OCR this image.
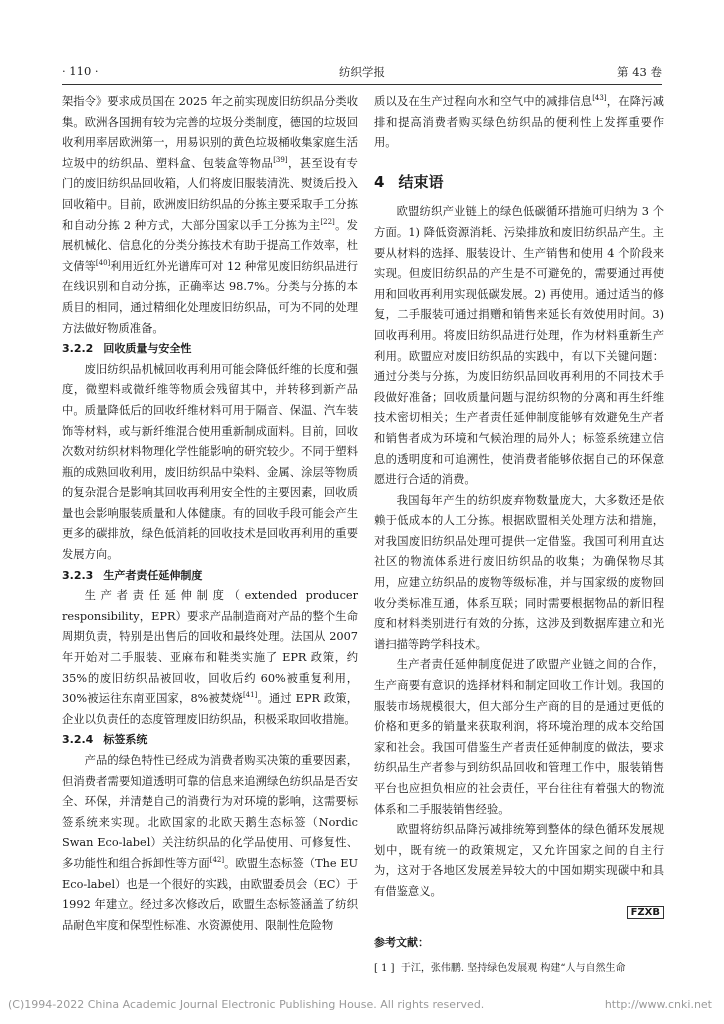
· 110 ·	纺织学报	第 43 卷

架指令》要求成员国在 2025 年之前实现废旧纺织品分类收集。欧洲各国拥有较为完善的垃圾分类制度，德国的垃圾回收利用率居欧洲第一，用易识别的黄色垃圾桶收集家庭生活垃圾中的纺织品、塑料盒、包装盒等物品[39]，甚至设有专门的废旧纺织品回收箱，人们将废旧服装清洗、熨烫后投入回收箱中。目前，欧洲废旧纺织品的分拣主要采取手工分拣和自动分拣 2 种方式，大部分国家以手工分拣为主[22]。发展机械化、信息化的分类分拣技术有助于提高工作效率，杜文倩等[40]利用近红外光谱库可对 12 种常见废旧纺织品进行在线识别和自动分拣，正确率达 98.7%。分类与分拣的本质目的相同，通过精细化处理废旧纺织品，可为不同的处理方法做好物质准备。

3.2.2 回收质量与安全性

废旧纺织品机械回收再利用可能会降低纤维的长度和强度，微塑料或微纤维等物质会残留其中，并转移到新产品中。质量降低后的回收纤维材料可用于隔音、保温、汽车装饰等材料，或与新纤维混合使用重新制成面料。目前，回收次数对纺织材料物理化学性能影响的研究较少。不同于塑料瓶的成熟回收利用，废旧纺织品中染料、金属、涂层等物质的复杂混合是影响其回收再利用安全性的主要因素，回收质量也会影响服装质量和人体健康。有的回收手段可能会产生更多的碳排放，绿色低消耗的回收技术是回收再利用的重要发展方向。

3.2.3 生产者责任延伸制度

生产者责任延伸制度（extended producer responsibility，EPR）要求产品制造商对产品的整个生命周期负责，特别是出售后的回收和最终处理。法国从 2007 年开始对二手服装、亚麻布和鞋类实施了 EPR 政策，约 35%的废旧纺织品被回收，回收后约 60%被重复利用，30%被运往东南亚国家，8%被焚烧[41]。通过 EPR 政策，企业以负责任的态度管理废旧纺织品，积极采取回收措施。

3.2.4 标签系统

产品的绿色特性已经成为消费者购买决策的重要因素，但消费者需要知道透明可靠的信息来追溯绿色纺织品是否安全、环保，并清楚自己的消费行为对环境的影响，这需要标签系统来实现。北欧国家的北欧天鹅生态标签（Nordic Swan Eco-label）关注纺织品的化学品使用、可修复性、多功能性和组合拆卸性等方面[42]。欧盟生态标签（The EU Eco-label）也是一个很好的实践，由欧盟委员会（EC）于 1992 年建立。经过多次修改后，欧盟生态标签涵盖了纺织品耐色牢度和保型性标准、水资源使用、限制性危险物

质以及在生产过程向水和空气中的减排信息[43]，在降污减排和提高消费者购买绿色纺织品的便利性上发挥重要作用。

4 结束语

欧盟纺织产业链上的绿色低碳循环措施可归纳为 3 个方面。1) 降低资源消耗、污染排放和废旧纺织品产生。主要从材料的选择、服装设计、生产销售和使用 4 个阶段来实现。但废旧纺织品的产生是不可避免的，需要通过再使用和回收再利用实现低碳发展。2) 再使用。通过适当的修复，二手服装可通过捐赠和销售来延长有效使用时间。3) 回收再利用。将废旧纺织品进行处理，作为材料重新生产利用。欧盟应对废旧纺织品的实践中，有以下关键问题：通过分类与分拣，为废旧纺织品回收再利用的不同技术手段做好准备；回收质量问题与混纺织物的分离和再生纤维技术密切相关；生产者责任延伸制度能够有效避免生产者和销售者成为环境和气候治理的局外人；标签系统建立信息的透明度和可追溯性，使消费者能够依据自己的环保意愿进行合适的消费。

我国每年产生的纺织废弃物数量庞大，大多数还是依赖于低成本的人工分拣。根据欧盟相关处理方法和措施，对我国废旧纺织品处理可提供一定借鉴。我国可利用直达社区的物流体系进行废旧纺织品的收集；为确保物尽其用，应建立纺织品的废物等级标准，并与国家级的废物回收分类标准互通，体系互联；同时需要根据物品的新旧程度和材料类别进行有效的分拣，这涉及到数据库建立和光谱扫描等跨学科技术。

生产者责任延伸制度促进了欧盟产业链之间的合作，生产商要有意识的选择材料和制定回收工作计划。我国的服装市场规模很大，但大部分生产商的目的是通过更低的价格和更多的销量来获取利润，将环境治理的成本交给国家和社会。我国可借鉴生产者责任延伸制度的做法，要求纺织品生产者参与到纺织品回收和管理工作中，服装销售平台也应担负相应的社会责任，平台往往有着强大的物流体系和二手服装销售经验。

欧盟将纺织品降污减排统筹到整体的绿色循环发展规划中，既有统一的政策规定，又允许国家之间的自主行为，这对于各地区发展差异较大的中国如期实现碳中和具有借鉴意义。

FZXB

参考文献：

[ 1 ] 于江，张伟鹏. 坚持绿色发展观 构建“人与自然生命

(C)1994-2022 China Academic Journal Electronic Publishing House. All rights reserved.	http://www.cnki.net
